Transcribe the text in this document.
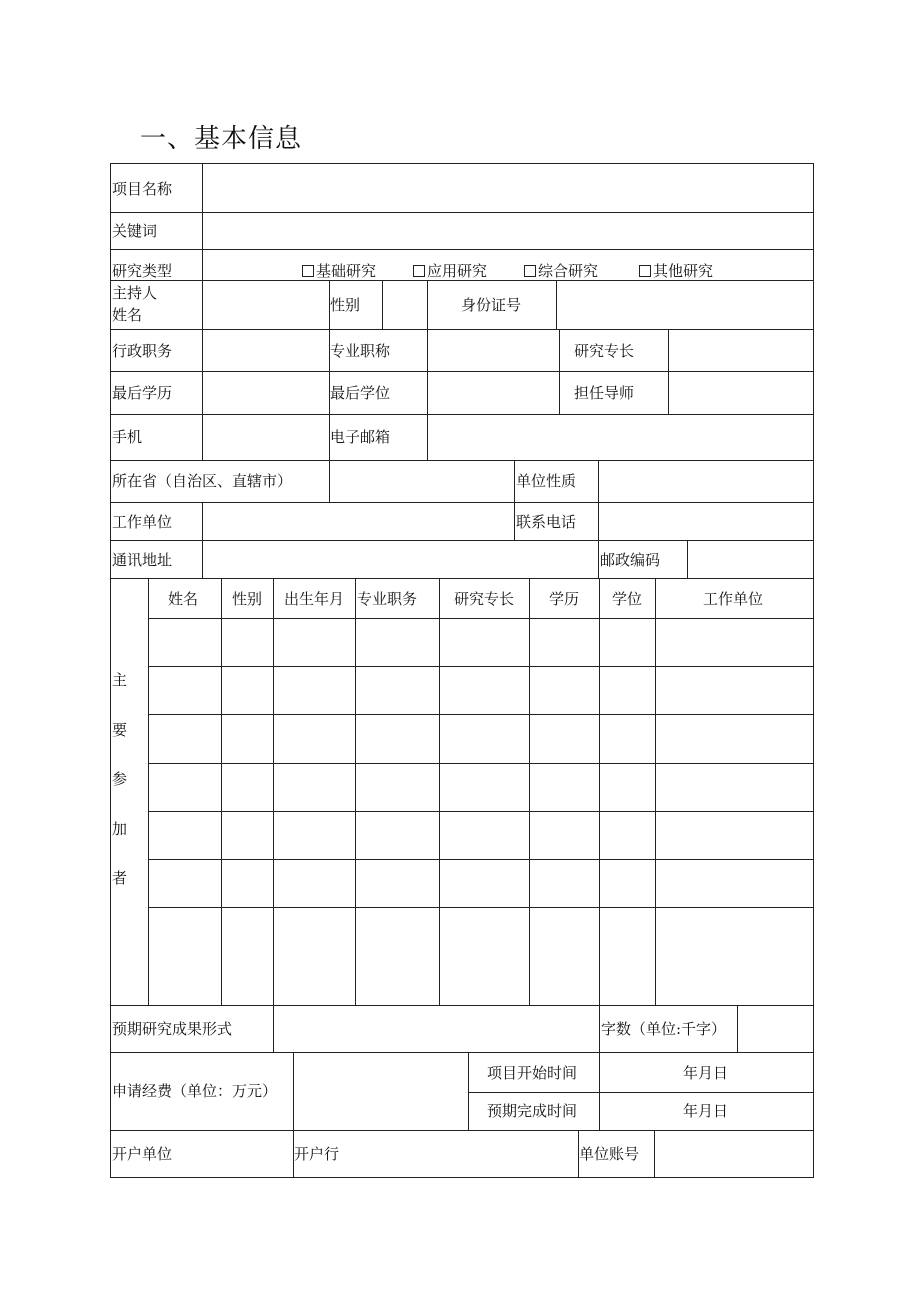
一、基本信息
项目名称
关键词
研究类型	基础研究	应用研究	综合研究	其他研究
主持人
姓名
性别	身份证号
行政职务	专业职称	研究专长
最后学历	最后学位	担任导师
手机	电子邮箱
所在省（自治区、直辖市）	单位性质
工作单位	联系电话
通讯地址	邮政编码
姓名 性别 出生年月 专业职务 研究专长 学历 学位	工作单位
主
要
参
加
者
预期研究成果形式	字数（单位:千字）
申请经费（单位：万元）
项目开始时间	年月日
预期完成时间	年月日
开户单位	开户行	单位账号
